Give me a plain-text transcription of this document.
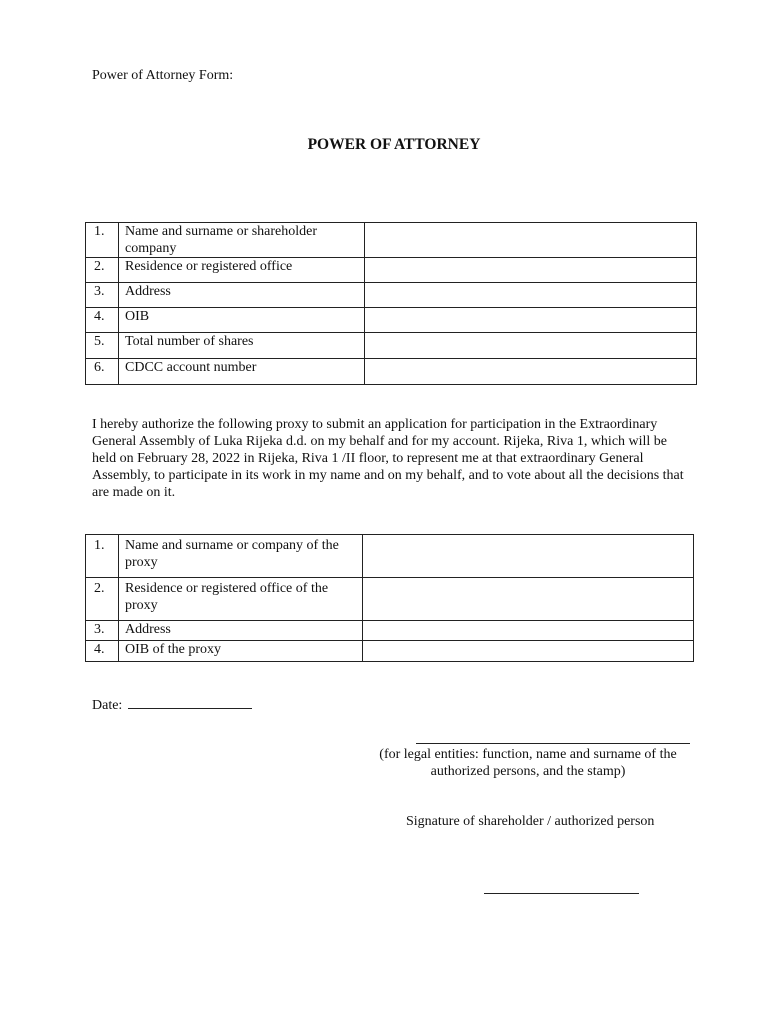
Power of Attorney Form:
POWER OF ATTORNEY
1.	Name and surname or shareholder company	
2.	Residence or registered office	
3.	Address	
4.	OIB	
5.	Total number of shares	
6.	CDCC account number	
I hereby authorize the following proxy to submit an application for participation in the Extraordinary General Assembly of Luka Rijeka d.d. on my behalf and for my account. Rijeka, Riva 1, which will be held on February 28, 2022 in Rijeka, Riva 1 /II floor, to represent me at that extraordinary General Assembly, to participate in its work in my name and on my behalf, and to vote about all the decisions that are made on it.
1.	Name and surname or company of the proxy	
2.	Residence or registered office of the proxy	
3.	Address	
4.	OIB of the proxy	
Date:
(for legal entities: function, name and surname of the authorized persons, and the stamp)
Signature of shareholder / authorized person
